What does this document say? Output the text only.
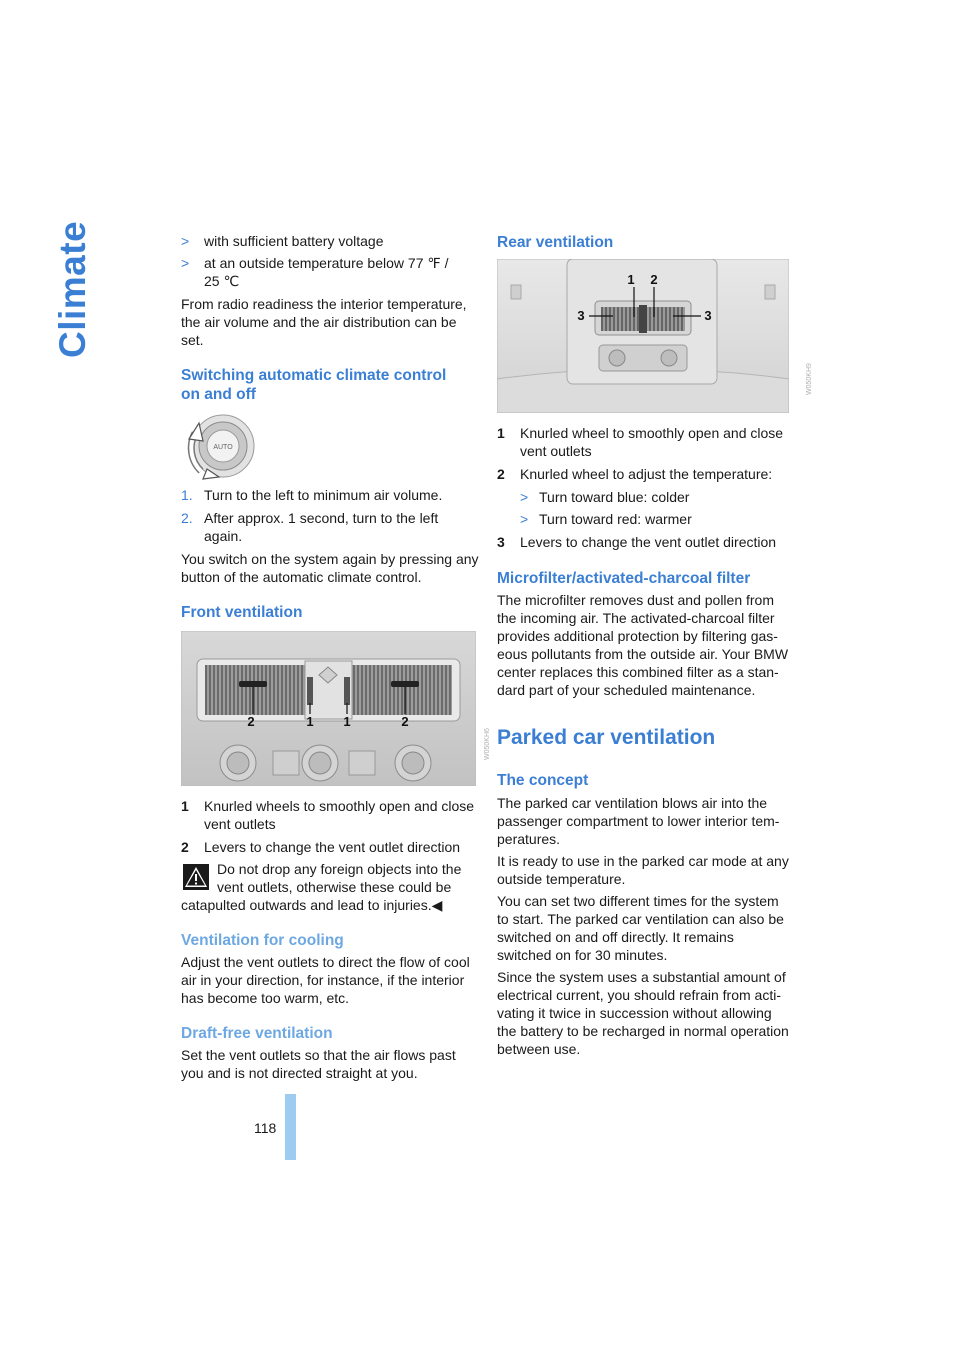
Climate
118
> with sufficient battery voltage
> at an outside temperature below 77 ℉ /
25 ℃
From radio readiness the interior temperature,
the air volume and the air distribution can be
set.
Switching automatic climate control
on and off
AUTO
1. Turn to the left to minimum air volume.
2. After approx. 1 second, turn to the left
again.
You switch on the system again by pressing any
button of the automatic climate control.
Front ventilation
2	1 1	2
W050KH6
1 Knurled wheels to smoothly open and close
vent outlets
2 Levers to change the vent outlet direction
Do not drop any foreign objects into the
vent outlets, otherwise these could be
catapulted outwards and lead to injuries.◀
Ventilation for cooling
Adjust the vent outlets to direct the flow of cool
air in your direction, for instance, if the interior
has become too warm, etc.
Draft-free ventilation
Set the vent outlets so that the air flows past
you and is not directed straight at you.
Rear ventilation
1 2
3	3
W050KH9
1 Knurled wheel to smoothly open and close
vent outlets
2 Knurled wheel to adjust the temperature:
> Turn toward blue: colder
> Turn toward red: warmer
3 Levers to change the vent outlet direction
Microfilter/activated-charcoal filter
The microfilter removes dust and pollen from
the incoming air. The activated-charcoal filter
provides additional protection by filtering gas-
eous pollutants from the outside air. Your BMW
center replaces this combined filter as a stan-
dard part of your scheduled maintenance.
Parked car ventilation
The concept
The parked car ventilation blows air into the
passenger compartment to lower interior tem-
peratures.
It is ready to use in the parked car mode at any
outside temperature.
You can set two different times for the system
to start. The parked car ventilation can also be
switched on and off directly. It remains
switched on for 30 minutes.
Since the system uses a substantial amount of
electrical current, you should refrain from acti-
vating it twice in succession without allowing
the battery to be recharged in normal operation
between use.
